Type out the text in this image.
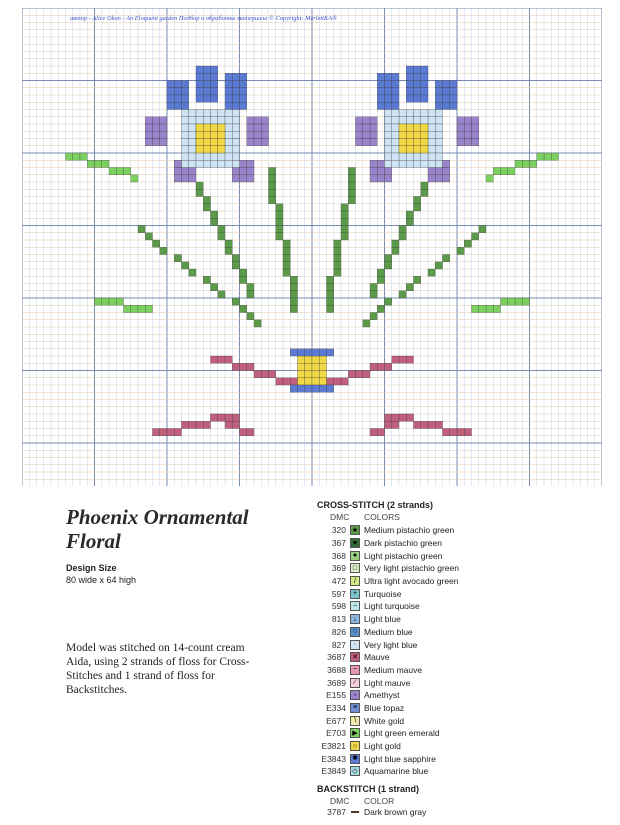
автор - Alice Okon - An Eloquent garden Подбор и обработка материала © Copyright: MerlettKA®
Phoenix Ornamental Floral
Design Size
80 wide x 64 high
Model was stitched on 14-count cream Aida, using 2 strands of floss for Cross-Stitches and 1 strand of floss for Backstitches.
CROSS-STITCH (2 strands)
DMC COLORS
320 ★ Medium pistachio green
367 ♥ Dark pistachio green
368 ● Light pistachio green
369 □ Very light pistachio green
472	/ Ultra light avocado green
597 + Turquoise
598 − Light turquoise
813	↓ Light blue
826 ○ Medium blue
827	· Very light blue
3687 ✕ Mauve
3688 − Medium mauve
3689	∕ Light mauve
E155	◦ Amethyst
E334 ≡ Blue topaz
E677 ∖ White gold
E703 ▶ Light green emerald
E3821 ○ Light gold
E3843 ✱ Light blue sapphire
E3849 ◇ Aquamarine blue
BACKSTITCH (1 strand)
DMC COLOR
3787	Dark brown gray
